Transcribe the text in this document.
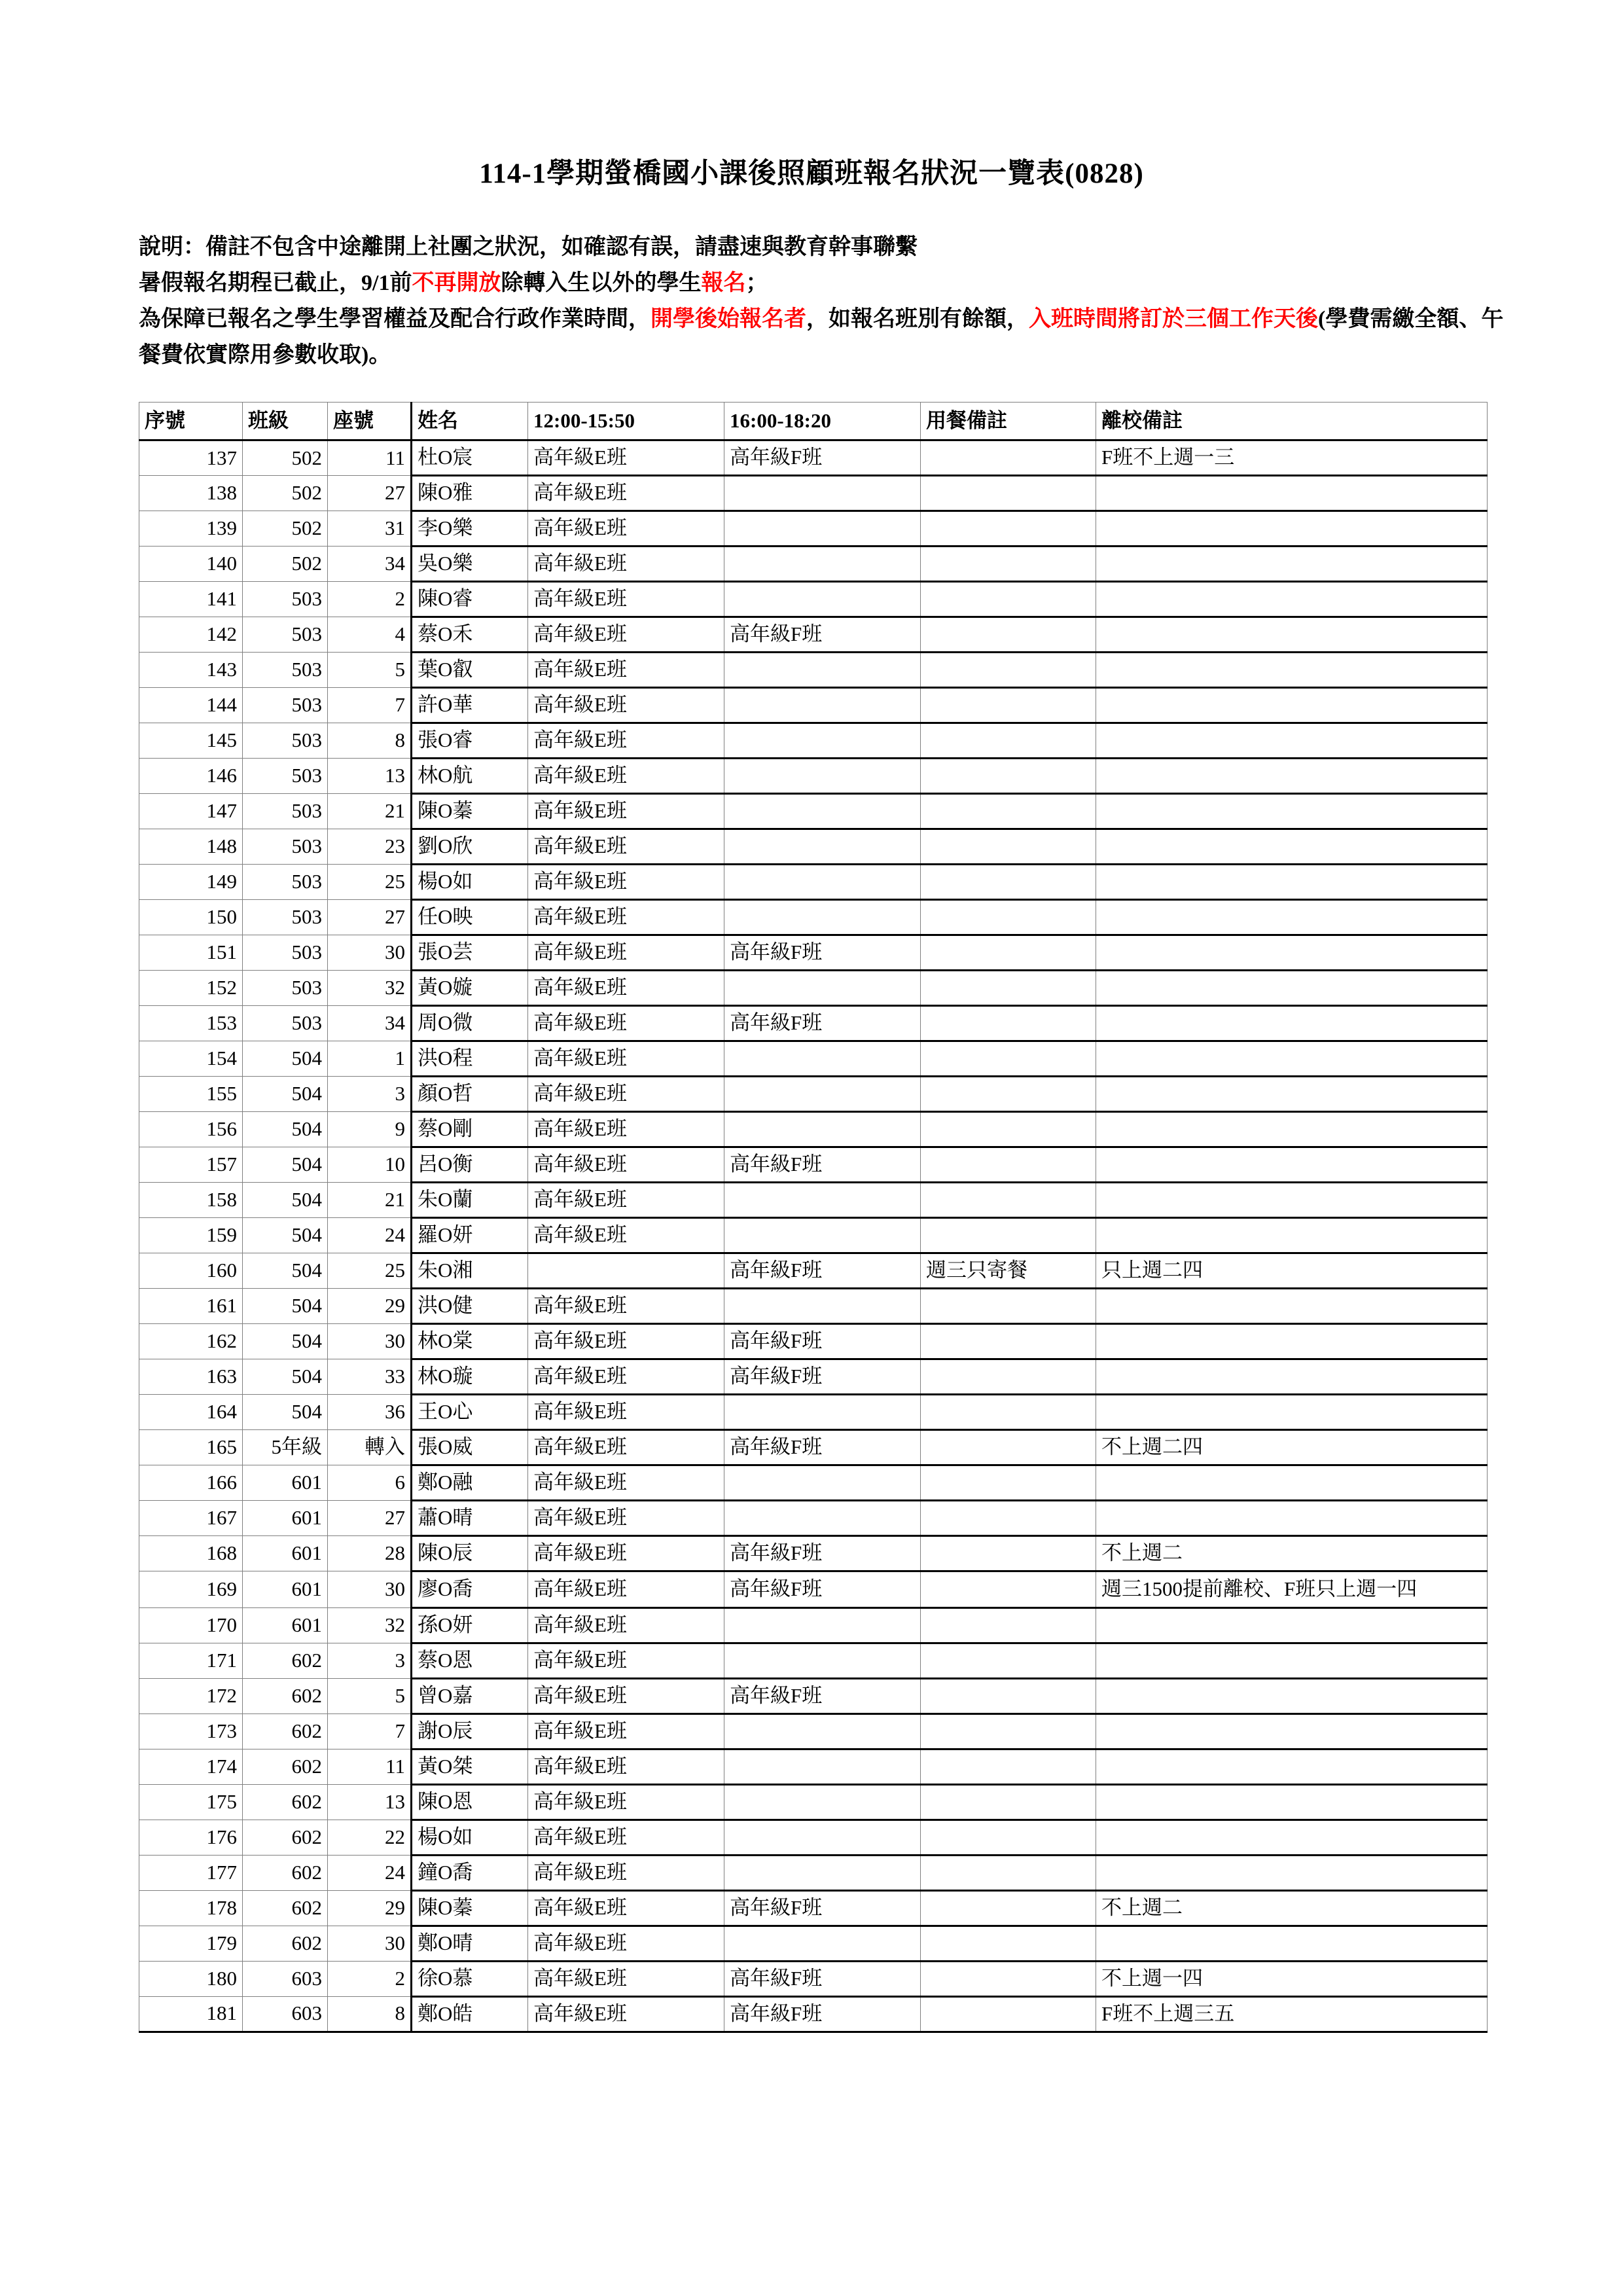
114-1學期螢橋國小課後照顧班報名狀況一覽表(0828)
說明：備註不包含中途離開上社團之狀況，如確認有誤，請盡速與教育幹事聯繫
暑假報名期程已截止，9/1前不再開放除轉入生以外的學生報名；
為保障已報名之學生學習權益及配合行政作業時間，開學後始報名者，如報名班別有餘額，入班時間將訂於三個工作天後(學費需繳全額、午餐費依實際用參數收取)。
序號	班級	座號	姓名	12:00-15:50	16:00-18:20	用餐備註	離校備註
137	502	11	杜O宸	高年級E班	高年級F班		F班不上週一三
138	502	27	陳O雅	高年級E班			
139	502	31	李O樂	高年級E班			
140	502	34	吳O樂	高年級E班			
141	503	2	陳O睿	高年級E班			
142	503	4	蔡O禾	高年級E班	高年級F班		
143	503	5	葉O叡	高年級E班			
144	503	7	許O華	高年級E班			
145	503	8	張O睿	高年級E班			
146	503	13	林O航	高年級E班			
147	503	21	陳O蓁	高年級E班			
148	503	23	劉O欣	高年級E班			
149	503	25	楊O如	高年級E班			
150	503	27	任O映	高年級E班			
151	503	30	張O芸	高年級E班	高年級F班		
152	503	32	黃O嫙	高年級E班			
153	503	34	周O微	高年級E班	高年級F班		
154	504	1	洪O程	高年級E班			
155	504	3	顏O哲	高年級E班			
156	504	9	蔡O剛	高年級E班			
157	504	10	呂O衡	高年級E班	高年級F班		
158	504	21	朱O蘭	高年級E班			
159	504	24	羅O妍	高年級E班			
160	504	25	朱O湘		高年級F班	週三只寄餐	只上週二四
161	504	29	洪O健	高年級E班			
162	504	30	林O棠	高年級E班	高年級F班		
163	504	33	林O璇	高年級E班	高年級F班		
164	504	36	王O心	高年級E班			
165	5年級	轉入	張O威	高年級E班	高年級F班		不上週二四
166	601	6	鄭O融	高年級E班			
167	601	27	蕭O晴	高年級E班			
168	601	28	陳O辰	高年級E班	高年級F班		不上週二
169	601	30	廖O喬	高年級E班	高年級F班		週三1500提前離校、F班只上週一四
170	601	32	孫O妍	高年級E班			
171	602	3	蔡O恩	高年級E班			
172	602	5	曾O嘉	高年級E班	高年級F班		
173	602	7	謝O辰	高年級E班			
174	602	11	黃O桀	高年級E班			
175	602	13	陳O恩	高年級E班			
176	602	22	楊O如	高年級E班			
177	602	24	鐘O喬	高年級E班			
178	602	29	陳O蓁	高年級E班	高年級F班		不上週二
179	602	30	鄭O晴	高年級E班			
180	603	2	徐O慕	高年級E班	高年級F班		不上週一四
181	603	8	鄭O皓	高年級E班	高年級F班		F班不上週三五
